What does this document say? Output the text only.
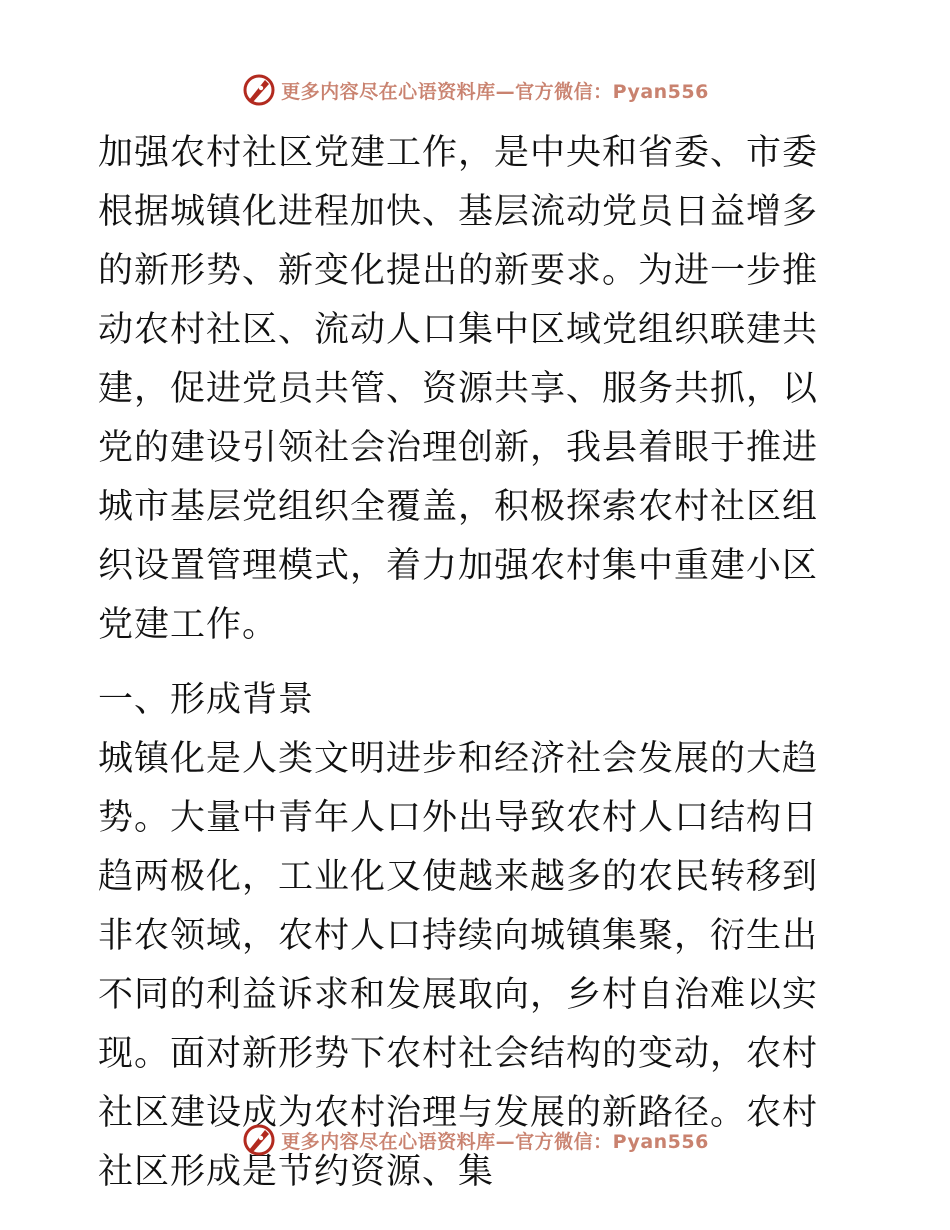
更多内容尽在心语资料库—官方微信：Pyan556

加强农村社区党建工作，是中央和省委、市委根据城镇化进程加快、基层流动党员日益增多的新形势、新变化提出的新要求。为进一步推动农村社区、流动人口集中区域党组织联建共建，促进党员共管、资源共享、服务共抓，以党的建设引领社会治理创新，我县着眼于推进城市基层党组织全覆盖，积极探索农村社区组织设置管理模式，着力加强农村集中重建小区党建工作。

一、形成背景

城镇化是人类文明进步和经济社会发展的大趋势。大量中青年人口外出导致农村人口结构日趋两极化，工业化又使越来越多的农民转移到非农领域，农村人口持续向城镇集聚，衍生出不同的利益诉求和发展取向，乡村自治难以实现。面对新形势下农村社会结构的变动，农村社区建设成为农村治理与发展的新路径。农村社区形成是节约资源、集

更多内容尽在心语资料库—官方微信：Pyan556
